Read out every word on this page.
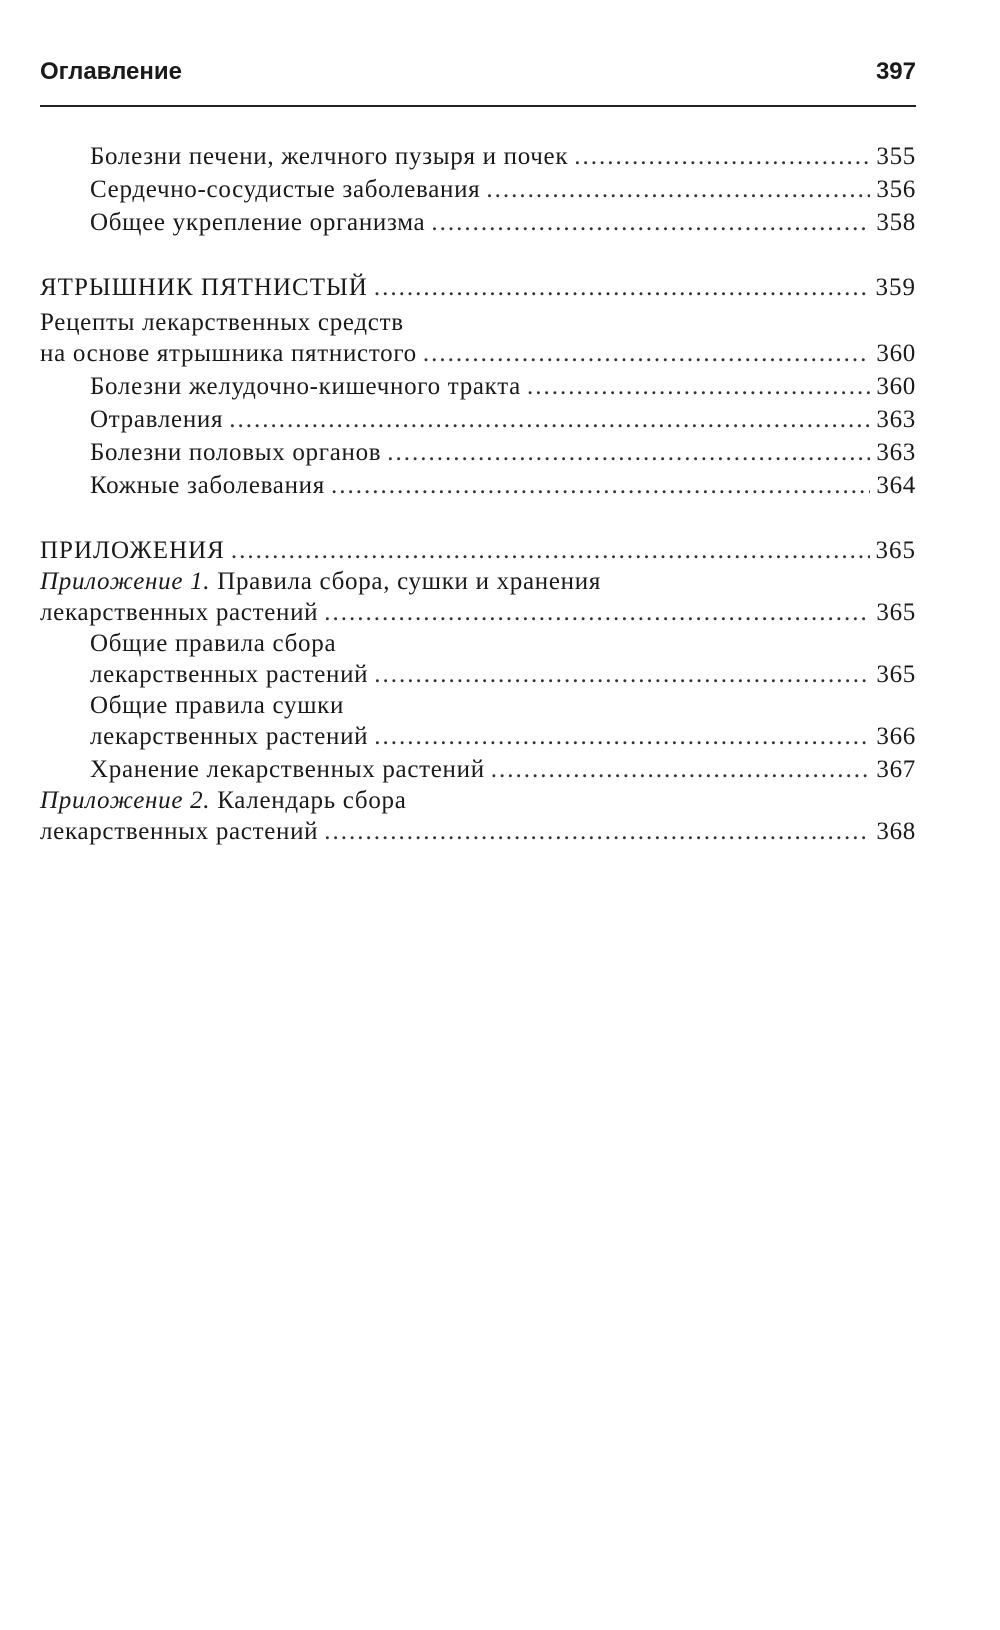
Оглавление	397
Болезни печени, желчного пузыря и почек .....	355
Сердечно-сосудистые заболевания .....	356
Общее укрепление организма .....	358
ЯТРЫШНИК ПЯТНИСТЫЙ .....	359
Рецепты лекарственных средств
на основе ятрышника пятнистого .....	360
Болезни желудочно-кишечного тракта .....	360
Отравления .....	363
Болезни половых органов .....	363
Кожные заболевания .....	364
ПРИЛОЖЕНИЯ .....	365
Приложение 1. Правила сбора, сушки и хранения
лекарственных растений .....	365
Общие правила сбора
лекарственных растений .....	365
Общие правила сушки
лекарственных растений .....	366
Хранение лекарственных растений .....	367
Приложение 2. Календарь сбора
лекарственных растений .....	368
